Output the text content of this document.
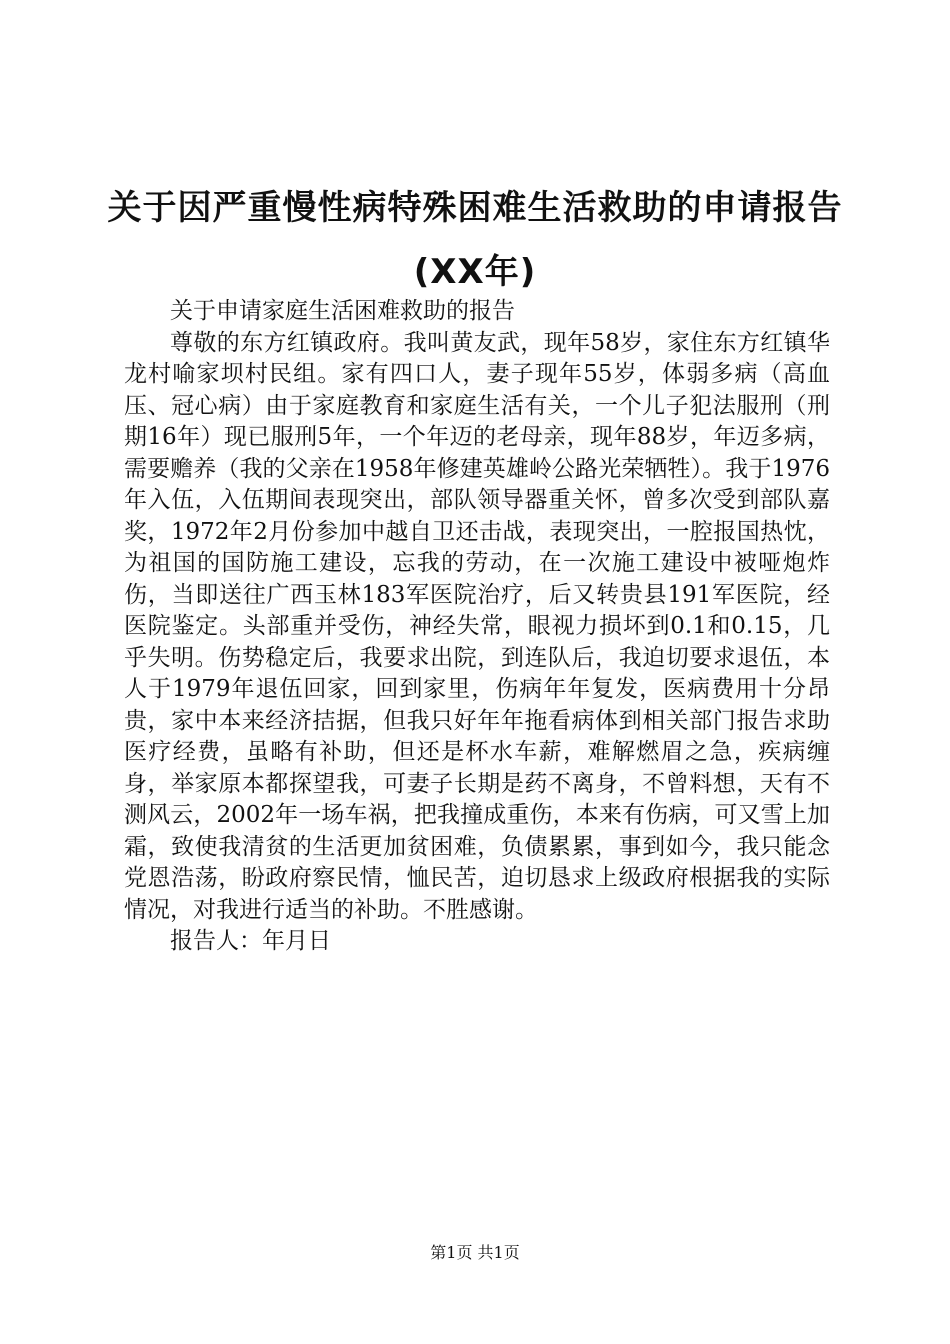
关于因严重慢性病特殊困难生活救助的申请报告(XX年)

关于申请家庭生活困难救助的报告

尊敬的东方红镇政府。我叫黄友武，现年58岁，家住东方红镇华龙村喻家坝村民组。家有四口人，妻子现年55岁，体弱多病（高血压、冠心病）由于家庭教育和家庭生活有关，一个儿子犯法服刑（刑期16年）现已服刑5年，一个年迈的老母亲，现年88岁，年迈多病，需要赡养（我的父亲在1958年修建英雄岭公路光荣牺牲）。我于1976年入伍，入伍期间表现突出，部队领导器重关怀，曾多次受到部队嘉奖，1972年2月份参加中越自卫还击战，表现突出，一腔报国热忱，为祖国的国防施工建设，忘我的劳动，在一次施工建设中被哑炮炸伤，当即送往广西玉林183军医院治疗，后又转贵县191军医院，经医院鉴定。头部重并受伤，神经失常，眼视力损坏到0.1和0.15，几乎失明。伤势稳定后，我要求出院，到连队后，我迫切要求退伍，本人于1979年退伍回家，回到家里，伤病年年复发，医病费用十分昂贵，家中本来经济拮据，但我只好年年拖看病体到相关部门报告求助医疗经费，虽略有补助，但还是杯水车薪，难解燃眉之急，疾病缠身，举家原本都探望我，可妻子长期是药不离身，不曾料想，天有不测风云，2002年一场车祸，把我撞成重伤，本来有伤病，可又雪上加霜，致使我清贫的生活更加贫困难，负债累累，事到如今，我只能念党恩浩荡，盼政府察民情，恤民苦，迫切恳求上级政府根据我的实际情况，对我进行适当的补助。不胜感谢。

报告人：年月日

第1页 共1页
